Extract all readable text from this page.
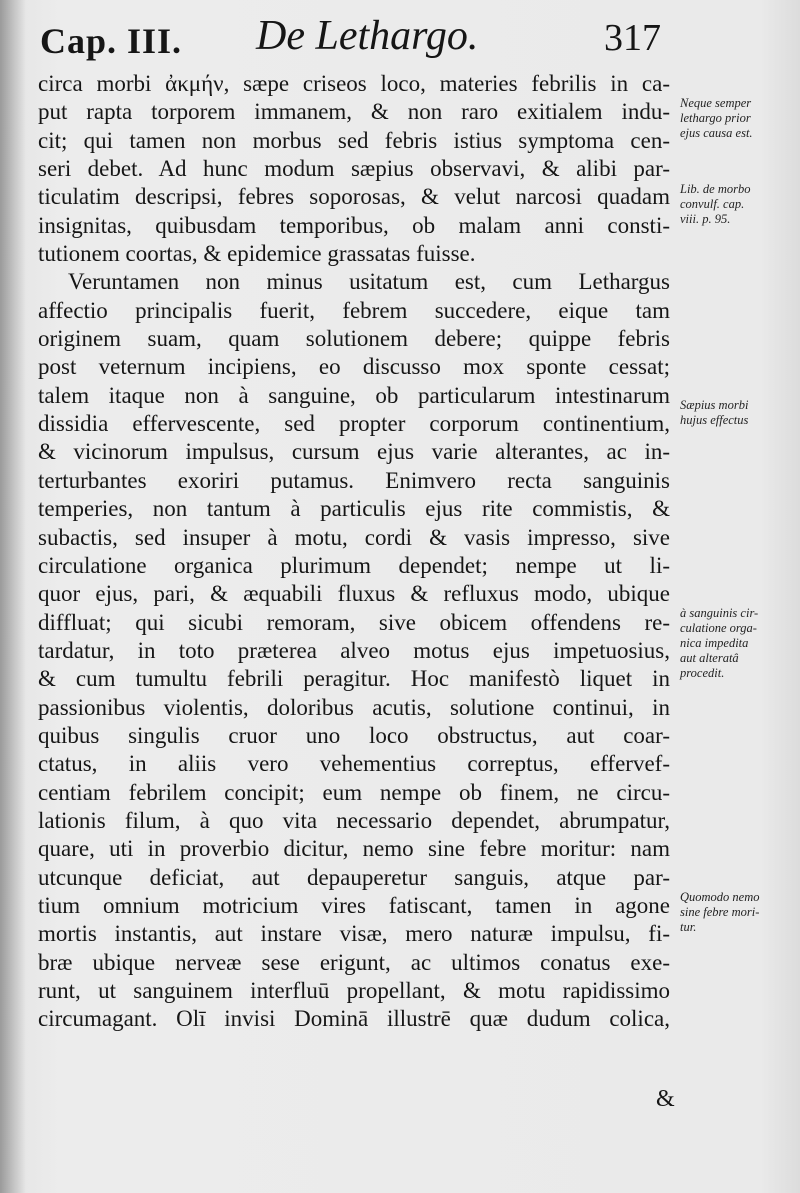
Cap. III. De Lethargo.	317
circa morbi ἀκμήν, sæpe criseos loco, materies febrilis in ca-
put rapta torporem immanem, & non raro exitialem indu-
cit; qui tamen non morbus sed febris istius symptoma cen-
seri debet. Ad hunc modum sæpius observavi, & alibi par-
ticulatim descripsi, febres soporosas, & velut narcosi quadam
insignitas, quibusdam temporibus, ob malam anni consti-
tutionem coortas, & epidemice grassatas fuisse.
Veruntamen non minus usitatum est, cum Lethargus
affectio principalis fuerit, febrem succedere, eique tam
originem suam, quam solutionem debere; quippe febris
post veternum incipiens, eo discusso mox sponte cessat;
talem itaque non à sanguine, ob particularum intestinarum
dissidia effervescente, sed propter corporum continentium,
& vicinorum impulsus, cursum ejus varie alterantes, ac in-
terturbantes exoriri putamus. Enimvero recta sanguinis
temperies, non tantum à particulis ejus rite commistis, &
subactis, sed insuper à motu, cordi & vasis impresso, sive
circulatione organica plurimum dependet; nempe ut li-
quor ejus, pari, & æquabili fluxus & refluxus modo, ubique
diffluat; qui sicubi remoram, sive obicem offendens re-
tardatur, in toto præterea alveo motus ejus impetuosius,
& cum tumultu febrili peragitur. Hoc manifestò liquet in
passionibus violentis, doloribus acutis, solutione continui, in
quibus singulis cruor uno loco obstructus, aut coar-
ctatus, in aliis vero vehementius correptus, effervef-
centiam febrilem concipit; eum nempe ob finem, ne circu-
lationis filum, à quo vita necessario dependet, abrumpatur,
quare, uti in proverbio dicitur, nemo sine febre moritur: nam
utcunque deficiat, aut depauperetur sanguis, atque par-
tium omnium motricium vires fatiscant, tamen in agone
mortis instantis, aut instare visæ, mero naturæ impulsu, fi-
bræ ubique nerveæ sese erigunt, ac ultimos conatus exe-
runt, ut sanguinem interfluū propellant, & motu rapidissimo
circumagant. Olī invisi Dominā illustrē quæ dudum colica,
Neque semper
lethargo prior
ejus causa est.
Lib. de morbo
convulf. cap.
viii. p. 95.
Sæpius morbi
hujus effectus
à sanguinis cir-
culatione orga-
nica impedita
aut alteratâ
procedit.
Quomodo nemo
sine febre mori-
tur.
&
